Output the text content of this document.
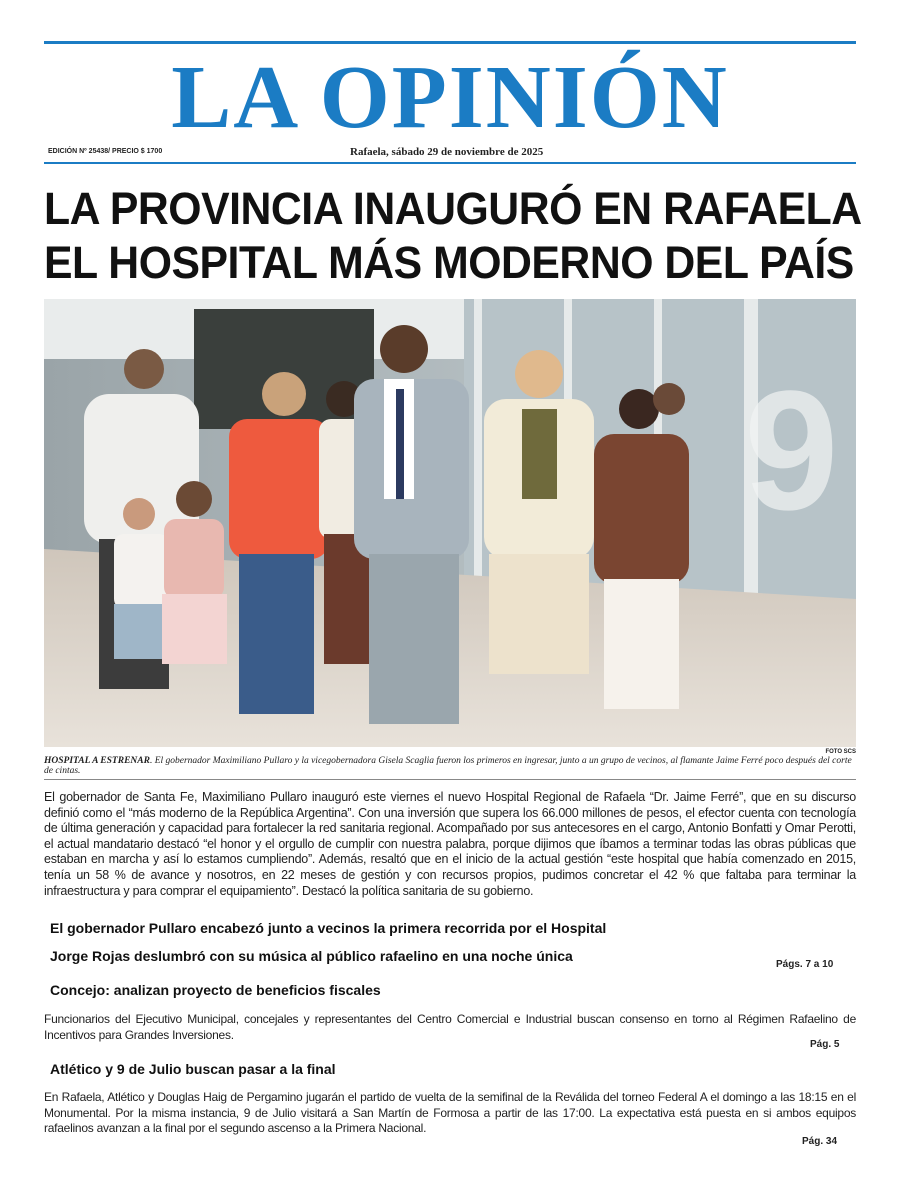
LA OPINIÓN
EDICIÓN Nº 25438/ PRECIO $ 1700	Rafaela, sábado 29 de noviembre de 2025
LA PROVINCIA INAUGURÓ EN RAFAELA
EL HOSPITAL MÁS MODERNO DEL PAÍS
9
FOTO SCS
HOSPITAL A ESTRENAR. El gobernador Maximiliano Pullaro y la vicegobernadora Gisela Scaglia fueron los primeros en ingresar, junto a un grupo de vecinos, al flamante Jaime Ferré poco después del corte de cintas.

El gobernador de Santa Fe, Maximiliano Pullaro inauguró este viernes el nuevo Hospital Regional de Rafaela “Dr. Jaime Ferré”, que en su discurso definió como el “más moderno de la República Argentina”. Con una inversión que supera los 66.000 millones de pesos, el efector cuenta con tecnología de última generación y capacidad para fortalecer la red sanitaria regional. Acompañado por sus antecesores en el cargo, Antonio Bonfatti y Omar Perotti, el actual mandatario destacó “el honor y el orgullo de cumplir con nuestra palabra, porque dijimos que íbamos a terminar todas las obras públicas que estaban en marcha y así lo estamos cumpliendo”. Además, resaltó que en el inicio de la actual gestión “este hospital que había comenzado en 2015, tenía un 58 % de avance y nosotros, en 22 meses de gestión y con recursos propios, pudimos concretar el 42 % que faltaba para terminar la infraestructura y para comprar el equipamiento”. Destacó la política sanitaria de su gobierno.

El gobernador Pullaro encabezó junto a vecinos la primera recorrida por el Hospital
Jorge Rojas deslumbró con su música al público rafaelino en una noche única
Págs. 7 a 10
Concejo: analizan proyecto de beneficios fiscales

Funcionarios del Ejecutivo Municipal, concejales y representantes del Centro Comercial e Industrial buscan consenso en torno al Régimen Rafaelino de Incentivos para Grandes Inversiones.

Pág. 5
Atlético y 9 de Julio buscan pasar a la final

En Rafaela, Atlético y Douglas Haig de Pergamino jugarán el partido de vuelta de la semifinal de la Reválida del torneo Federal A el domingo a las 18:15 en el Monumental. Por la misma instancia, 9 de Julio visitará a San Martín de Formosa a partir de las 17:00. La expectativa está puesta en si ambos equipos rafaelinos avanzan a la final por el segundo ascenso a la Primera Nacional.

Pág. 34
